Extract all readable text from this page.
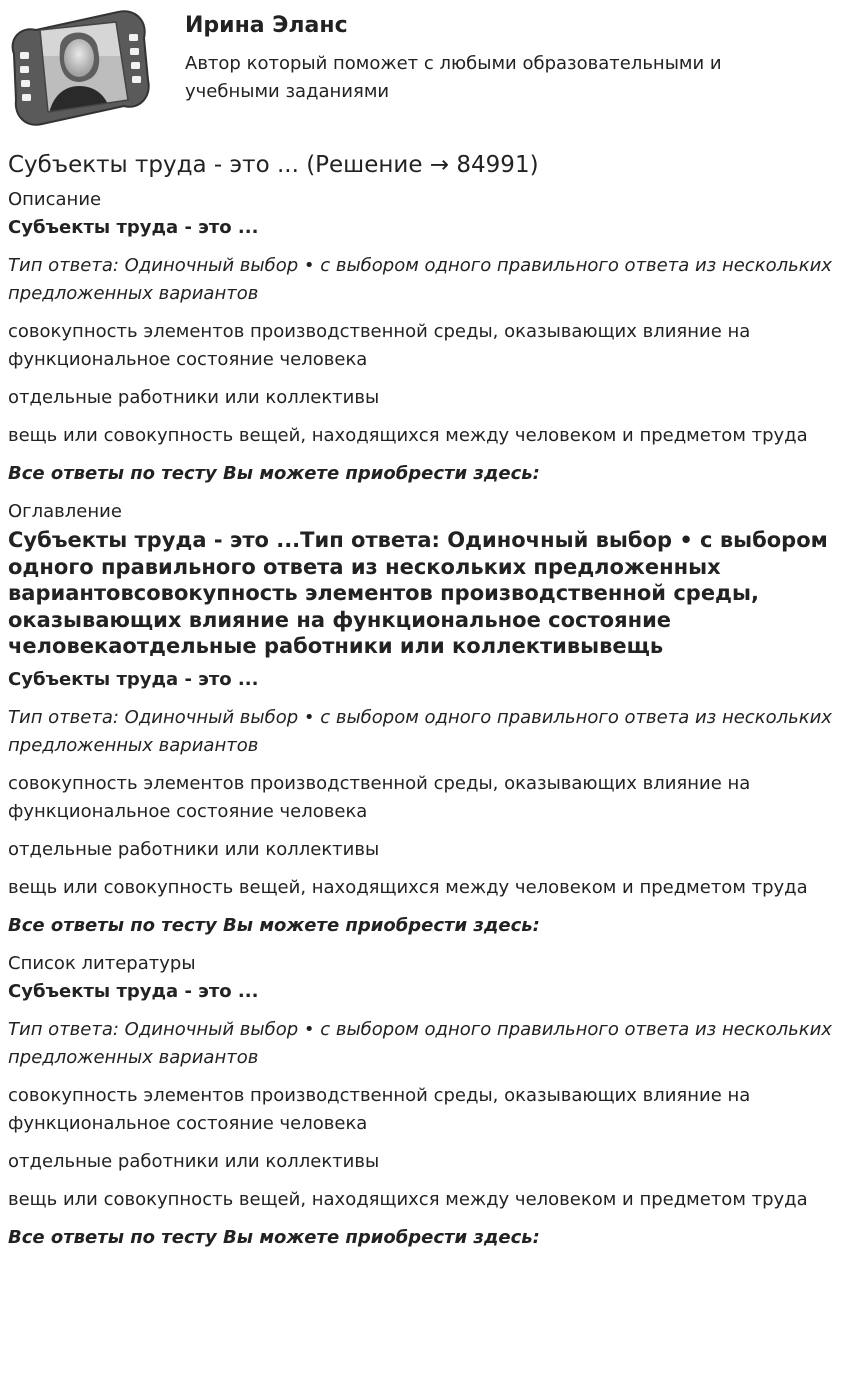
Ирина Эланс

Автор который поможет с любыми образовательными и учебными заданиями

Субъекты труда - это ... (Решение → 84991)

Описание

Субъекты труда - это ...

Тип ответа: Одиночный выбор • с выбором одного правильного ответа из нескольких предложенных вариантов

совокупность элементов производственной среды, оказывающих влияние на функциональное состояние человека

отдельные работники или коллективы

вещь или совокупность вещей, находящихся между человеком и предметом труда

Все ответы по тесту Вы можете приобрести здесь:

Оглавление

Субъекты труда - это ...Тип ответа: Одиночный выбор • с выбором одного правильного ответа из нескольких предложенных вариантовсовокупность элементов производственной среды, оказывающих влияние на функциональное состояние человекаотдельные работники или коллективывещь

Субъекты труда - это ...

Тип ответа: Одиночный выбор • с выбором одного правильного ответа из нескольких предложенных вариантов

совокупность элементов производственной среды, оказывающих влияние на функциональное состояние человека

отдельные работники или коллективы

вещь или совокупность вещей, находящихся между человеком и предметом труда

Все ответы по тесту Вы можете приобрести здесь:

Список литературы

Субъекты труда - это ...

Тип ответа: Одиночный выбор • с выбором одного правильного ответа из нескольких предложенных вариантов

совокупность элементов производственной среды, оказывающих влияние на функциональное состояние человека

отдельные работники или коллективы

вещь или совокупность вещей, находящихся между человеком и предметом труда

Все ответы по тесту Вы можете приобрести здесь:
